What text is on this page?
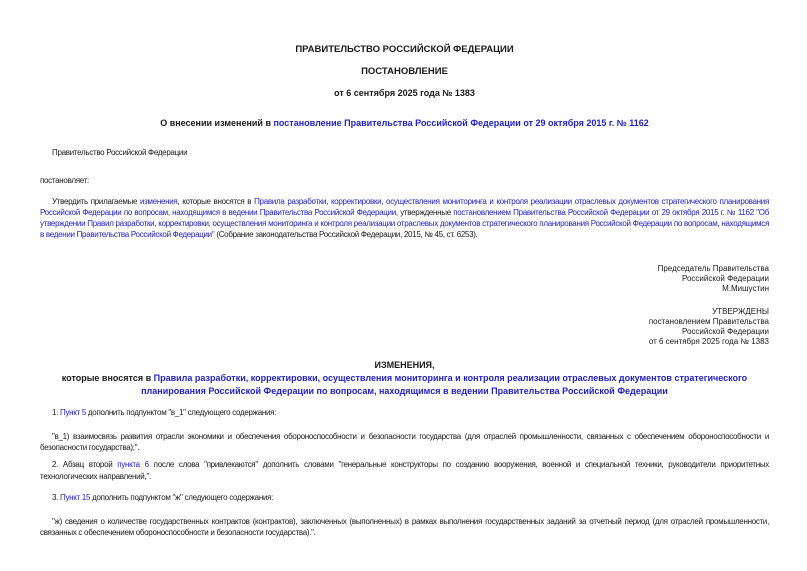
ПРАВИТЕЛЬСТВО РОССИЙСКОЙ ФЕДЕРАЦИИ
ПОСТАНОВЛЕНИЕ
от 6 сентября 2025 года № 1383
О внесении изменений в постановление Правительства Российской Федерации от 29 октября 2015 г. № 1162
Правительство Российской Федерации
постановляет:
Утвердить прилагаемые изменения, которые вносятся в Правила разработки, корректировки, осуществления мониторинга и контроля реализации отраслевых документов стратегического планирования Российской Федерации по вопросам, находящимся в ведении Правительства Российской Федерации, утвержденные постановлением Правительства Российской Федерации от 29 октября 2015 г. № 1162 "Об утверждении Правил разработки, корректировки, осуществления мониторинга и контроля реализации отраслевых документов стратегического планирования Российской Федерации по вопросам, находящимся в ведении Правительства Российской Федерации" (Собрание законодательства Российской Федерации, 2015, № 45, ст. 6253).
Председатель Правительства
Российской Федерации
М.Мишустин
УТВЕРЖДЕНЫ
постановлением Правительства
Российской Федерации
от 6 сентября 2025 года № 1383
ИЗМЕНЕНИЯ,
которые вносятся в Правила разработки, корректировки, осуществления мониторинга и контроля реализации отраслевых документов стратегического планирования Российской Федерации по вопросам, находящимся в ведении Правительства Российской Федерации
1. Пункт 5 дополнить подпунктом "в_1" следующего содержания:
"в_1) взаимосвязь развития отрасли экономики и обеспечения обороноспособности и безопасности государства (для отраслей промышленности, связанных с обеспечением обороноспособности и безопасности государства);".
2. Абзац второй пункта 6 после слова "привлекаются" дополнить словами "генеральные конструкторы по созданию вооружения, военной и специальной техники, руководители приоритетных технологических направлений,".
3. Пункт 15 дополнить подпунктом "ж" следующего содержания:
"ж) сведения о количестве государственных контрактов (контрактов), заключенных (выполненных) в рамках выполнения государственных заданий за отчетный период (для отраслей промышленности, связанных с обеспечением обороноспособности и безопасности государства).".
